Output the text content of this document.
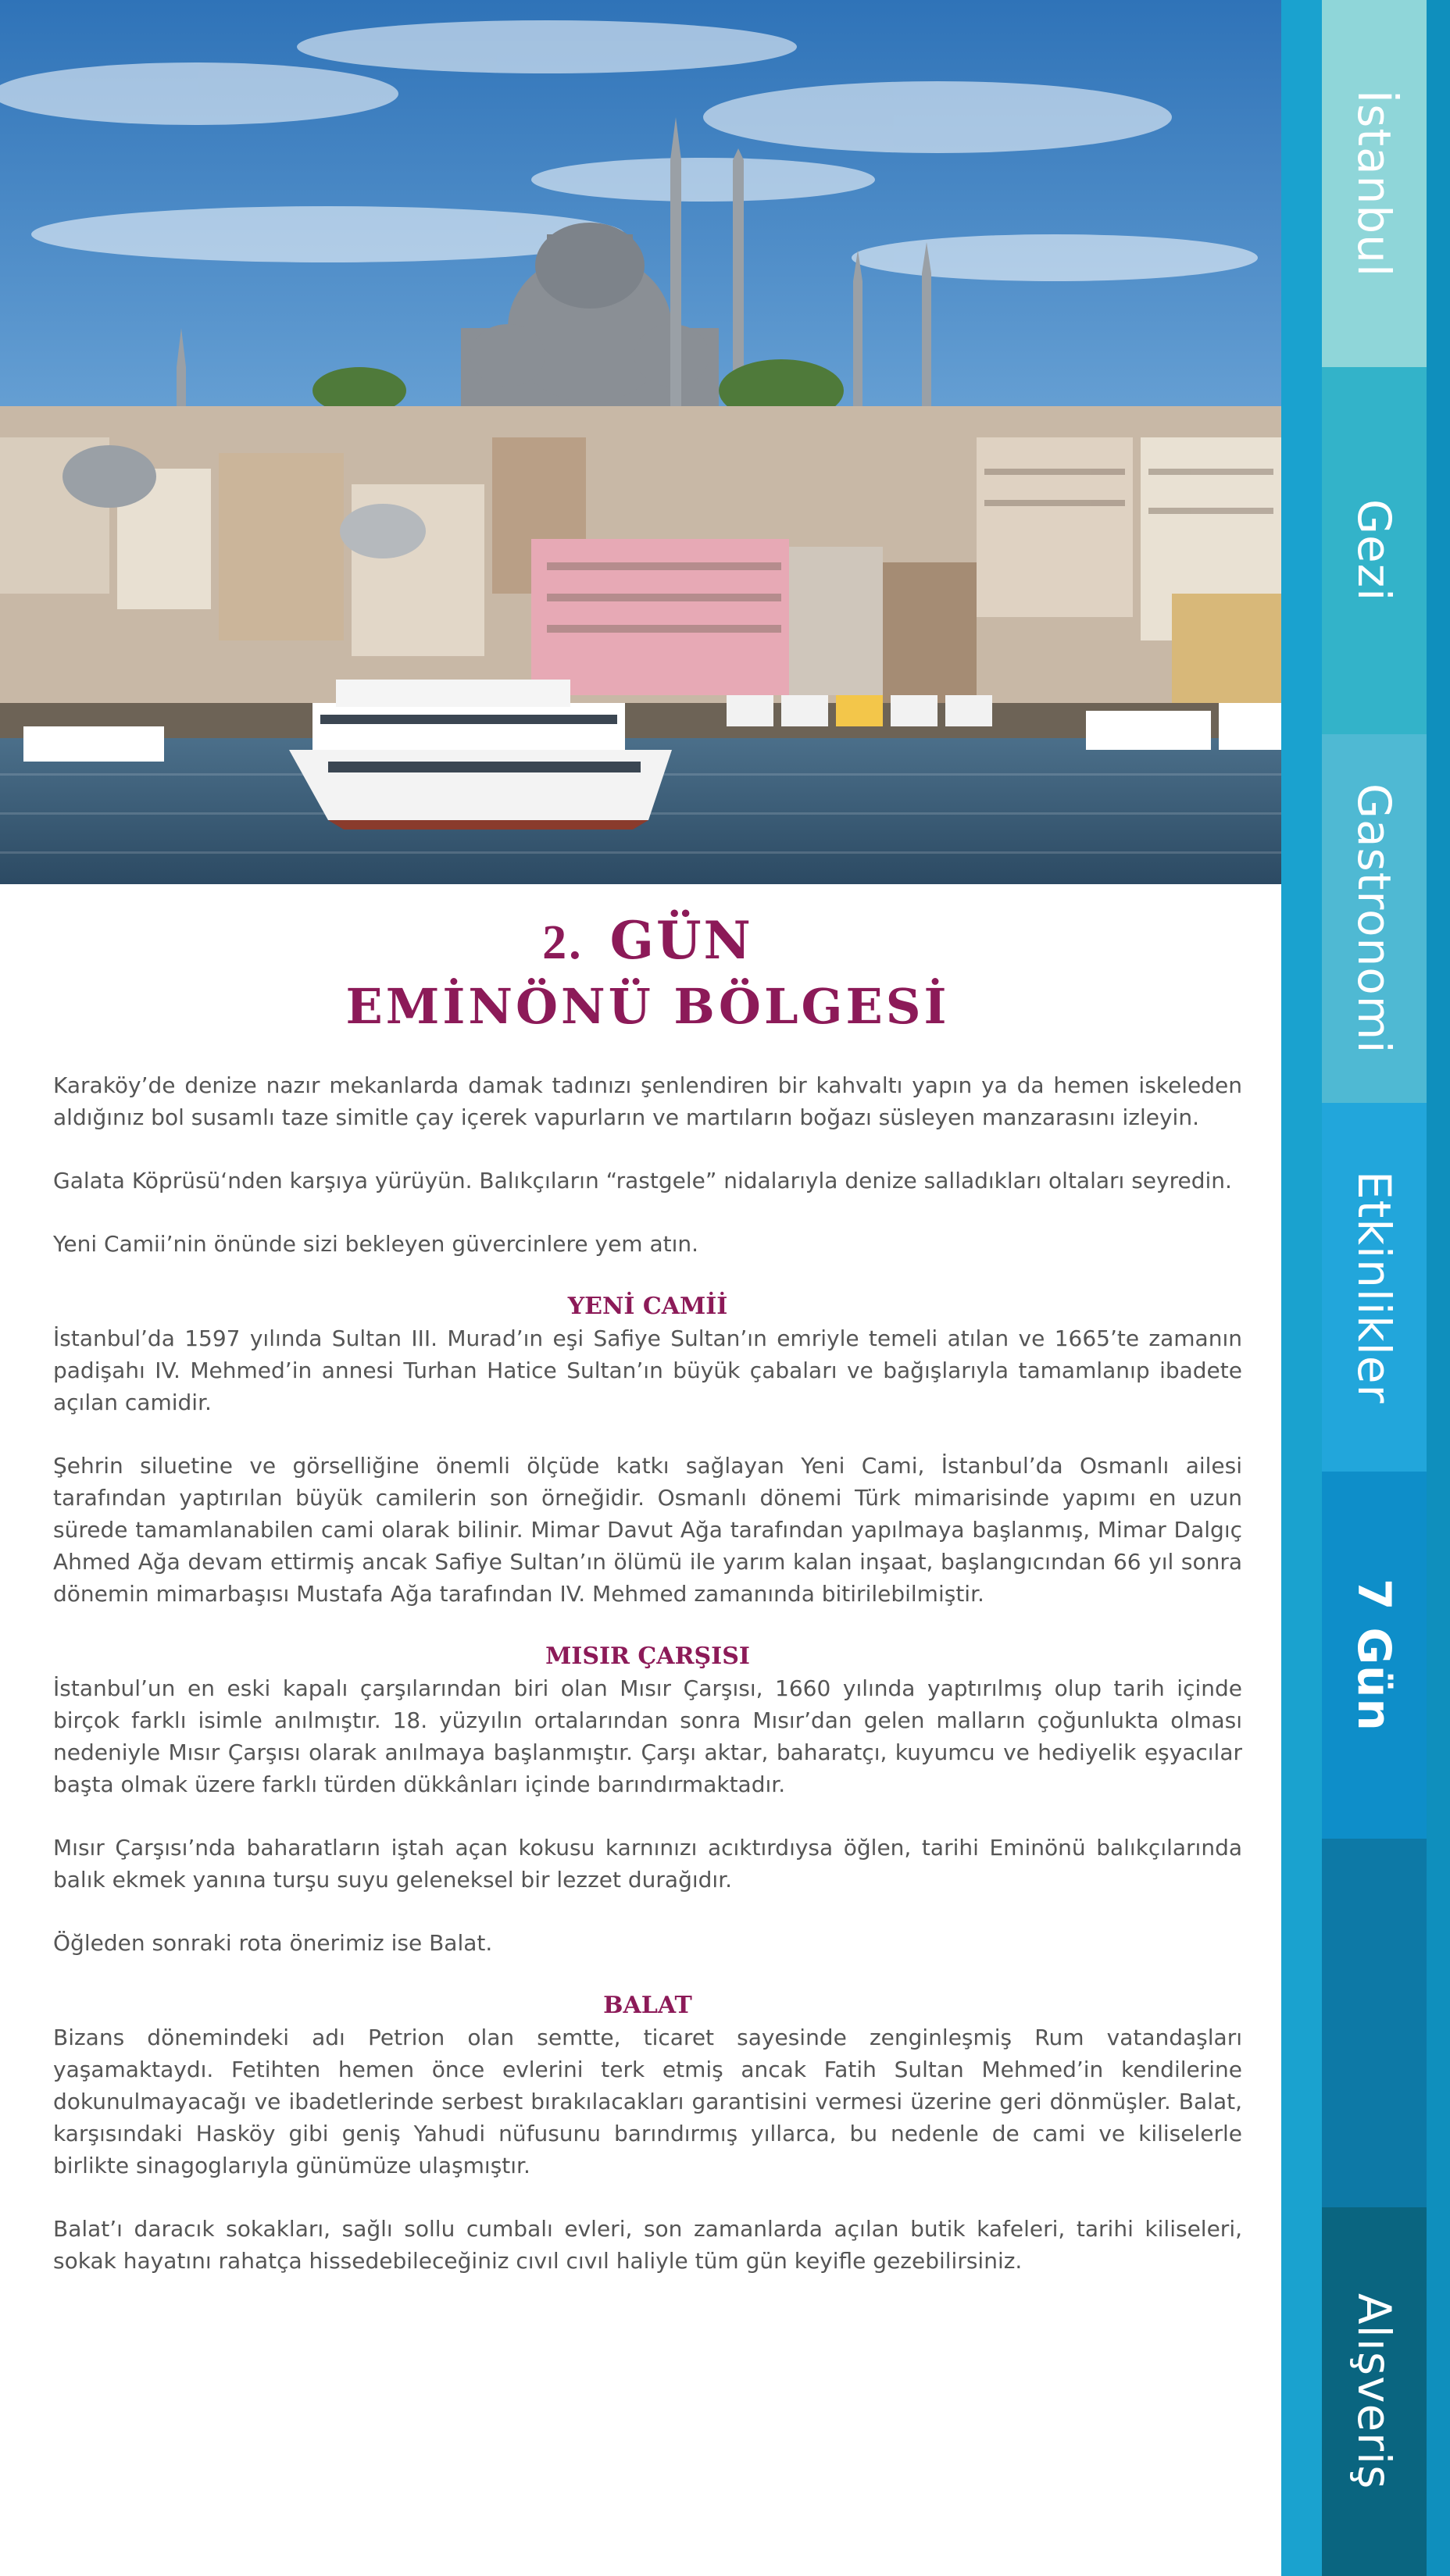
İstanbul
Gezi
Gastronomi
Etkinlikler
7 Gün
Alışveriş
2. GÜN
EMİNÖNÜ BÖLGESİ

Karaköy’de denize nazır mekanlarda damak tadınızı şenlendiren bir kahvaltı yapın ya da hemen iskeleden aldığınız bol susamlı taze simitle çay içerek vapurların ve martıların boğazı süsleyen manzarasını izleyin.

Galata Köprüsü‘nden karşıya yürüyün. Balıkçıların “rastgele” nidalarıyla denize salladıkları oltaları seyredin.

Yeni Camii’nin önünde sizi bekleyen güvercinlere yem atın.

YENİ CAMİİ

İstanbul’da 1597 yılında Sultan III. Murad’ın eşi Safiye Sultan’ın emriyle temeli atılan ve 1665’te zamanın padişahı IV. Mehmed’in annesi Turhan Hatice Sultan’ın büyük çabaları ve bağışlarıyla tamamlanıp ibadete açılan camidir.

Şehrin siluetine ve görselliğine önemli ölçüde katkı sağlayan Yeni Cami, İstanbul’da Osmanlı ailesi tarafından yaptırılan büyük camilerin son örneğidir. Osmanlı dönemi Türk mimarisinde yapımı en uzun sürede tamamlanabilen cami olarak bilinir. Mimar Davut Ağa tarafından yapılmaya başlanmış, Mimar Dalgıç Ahmed Ağa devam ettirmiş ancak Safiye Sultan’ın ölümü ile yarım kalan inşaat, başlangıcından 66 yıl sonra dönemin mimarbaşısı Mustafa Ağa tarafından IV. Mehmed zamanında bitirilebilmiştir.

MISIR ÇARŞISI

İstanbul’un en eski kapalı çarşılarından biri olan Mısır Çarşısı, 1660 yılında yaptırılmış olup tarih içinde birçok farklı isimle anılmıştır. 18. yüzyılın ortalarından sonra Mısır’dan gelen malların çoğunlukta olması nedeniyle Mısır Çarşısı olarak anılmaya başlanmıştır. Çarşı aktar, baharatçı, kuyumcu ve hediyelik eşyacılar başta olmak üzere farklı türden dükkânları içinde barındırmaktadır.

Mısır Çarşısı’nda baharatların iştah açan kokusu karnınızı acıktırdıysa öğlen, tarihi Eminönü balıkçılarında balık ekmek yanına turşu suyu geleneksel bir lezzet durağıdır.

Öğleden sonraki rota önerimiz ise Balat.

BALAT

Bizans dönemindeki adı Petrion olan semtte, ticaret sayesinde zenginleşmiş Rum vatandaşları yaşamaktaydı. Fetihten hemen önce evlerini terk etmiş ancak Fatih Sultan Mehmed’in kendilerine dokunulmayacağı ve ibadetlerinde serbest bırakılacakları garantisini vermesi üzerine geri dönmüşler. Balat, karşısındaki Hasköy gibi geniş Yahudi nüfusunu barındırmış yıllarca, bu nedenle de cami ve kiliselerle birlikte sinagoglarıyla günümüze ulaşmıştır.

Balat’ı daracık sokakları, sağlı sollu cumbalı evleri, son zamanlarda açılan butik kafeleri, tarihi kiliseleri, sokak hayatını rahatça hissedebileceğiniz cıvıl cıvıl haliyle tüm gün keyifle gezebilirsiniz.
